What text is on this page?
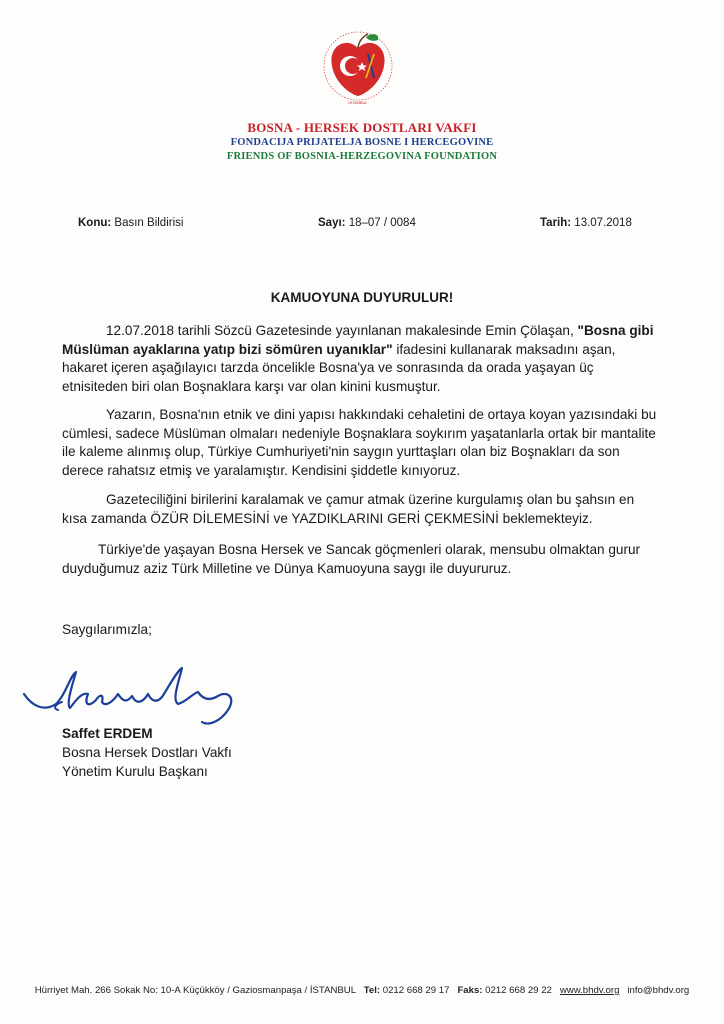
İSTANBUL
BOSNA - HERSEK DOSTLARI VAKFI
FONDACIJA PRIJATELJA BOSNE I HERCEGOVINE
FRIENDS OF BOSNIA-HERZEGOVINA FOUNDATION
Konu: Basın Bildirisi	Sayı: 18–07 / 0084	Tarih: 13.07.2018
KAMUOYUNA DUYURULUR!
12.07.2018 tarihli Sözcü Gazetesinde yayınlanan makalesinde Emin Çölaşan, "Bosna gibi Müslüman ayaklarına yatıp bizi sömüren uyanıklar" ifadesini kullanarak maksadını aşan, hakaret içeren aşağılayıcı tarzda öncelikle Bosna'ya ve sonrasında da orada yaşayan üç etnisiteden biri olan Boşnaklara karşı var olan kinini kusmuştur.
Yazarın, Bosna'nın etnik ve dini yapısı hakkındaki cehaletini de ortaya koyan yazısındaki bu cümlesi, sadece Müslüman olmaları nedeniyle Boşnaklara soykırım yaşatanlarla ortak bir mantalite ile kaleme alınmış olup, Türkiye Cumhuriyeti'nin saygın yurttaşları olan biz Boşnakları da son derece rahatsız etmiş ve yaralamıştır. Kendisini şiddetle kınıyoruz.
Gazeteciliğini birilerini karalamak ve çamur atmak üzerine kurgulamış olan bu şahsın en kısa zamanda ÖZÜR DİLEMESİNİ ve YAZDIKLARINI GERİ ÇEKMESİNİ beklemekteyiz.
Türkiye'de yaşayan Bosna Hersek ve Sancak göçmenleri olarak, mensubu olmaktan gurur duyduğumuz aziz Türk Milletine ve Dünya Kamuoyuna saygı ile duyururuz.
Saygılarımızla;
Saffet ERDEM
Bosna Hersek Dostları Vakfı
Yönetim Kurulu Başkanı
Hürriyet Mah. 266 Sokak No: 10-A Küçükköy / Gaziosmanpaşa / İSTANBUL Tel: 0212 668 29 17 Faks: 0212 668 29 22 www.bhdv.org info@bhdv.org
